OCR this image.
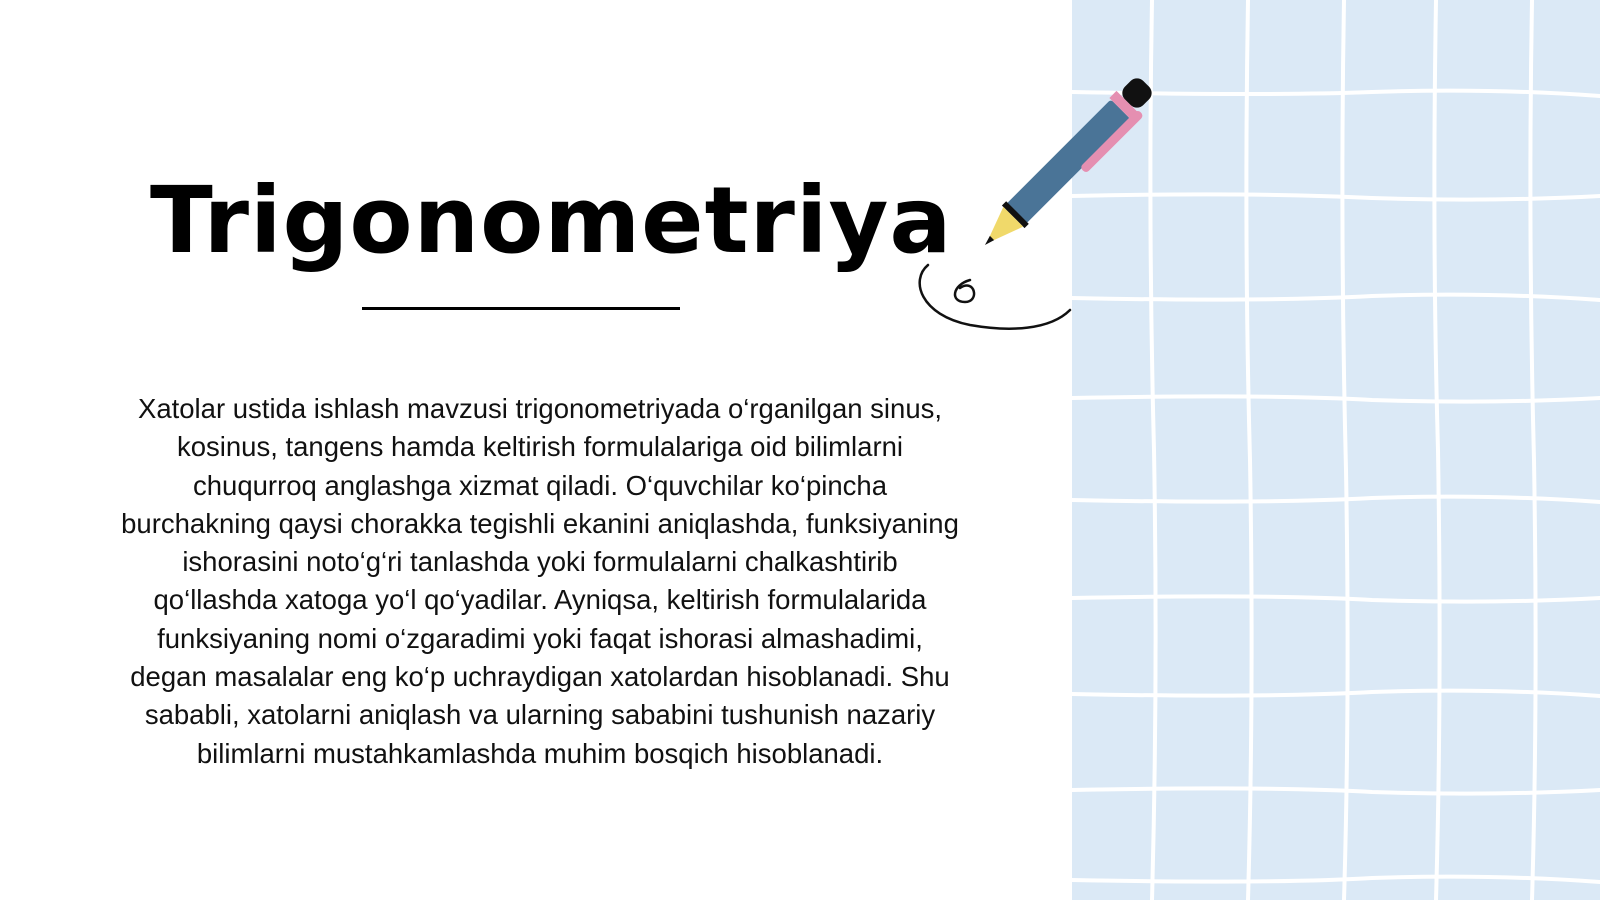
Trigonometriya

Xatolar ustida ishlash mavzusi trigonometriyada o‘rganilgan sinus, kosinus, tangens hamda keltirish formulalariga oid bilimlarni chuqurroq anglashga xizmat qiladi. O‘quvchilar ko‘pincha burchakning qaysi chorakka tegishli ekanini aniqlashda, funksiyaning ishorasini noto‘g‘ri tanlashda yoki formulalarni chalkashtirib qo‘llashda xatoga yo‘l qo‘yadilar. Ayniqsa, keltirish formulalarida funksiyaning nomi o‘zgaradimi yoki faqat ishorasi almashadimi, degan masalalar eng ko‘p uchraydigan xatolardan hisoblanadi. Shu sababli, xatolarni aniqlash va ularning sababini tushunish nazariy bilimlarni mustahkamlashda muhim bosqich hisoblanadi.
